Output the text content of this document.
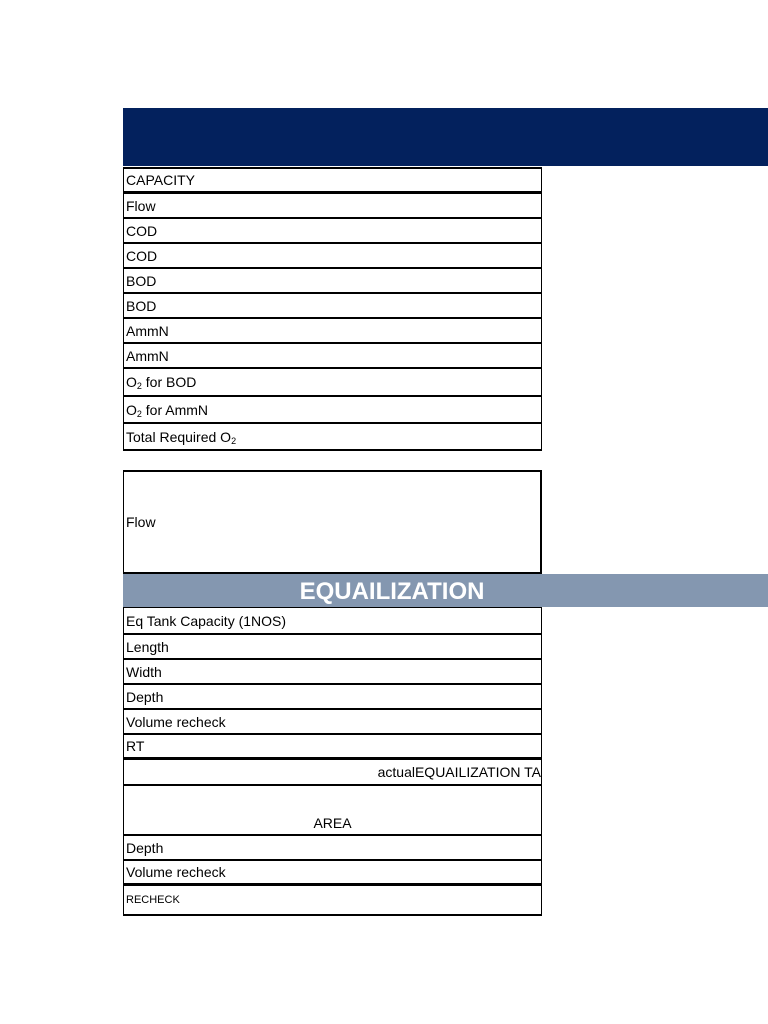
CAPACITY
Flow
COD
COD
BOD
BOD
AmmN
AmmN
$O_2$ for BOD
$O_2$ for AmmN
Total Required $O_2$
Flow
EQUAILIZATION
Eq Tank Capacity (1NOS)
Length
Width
Depth
Volume recheck
RT
actualEQUAILIZATION TA
AREA
Depth
Volume recheck
RECHECK
